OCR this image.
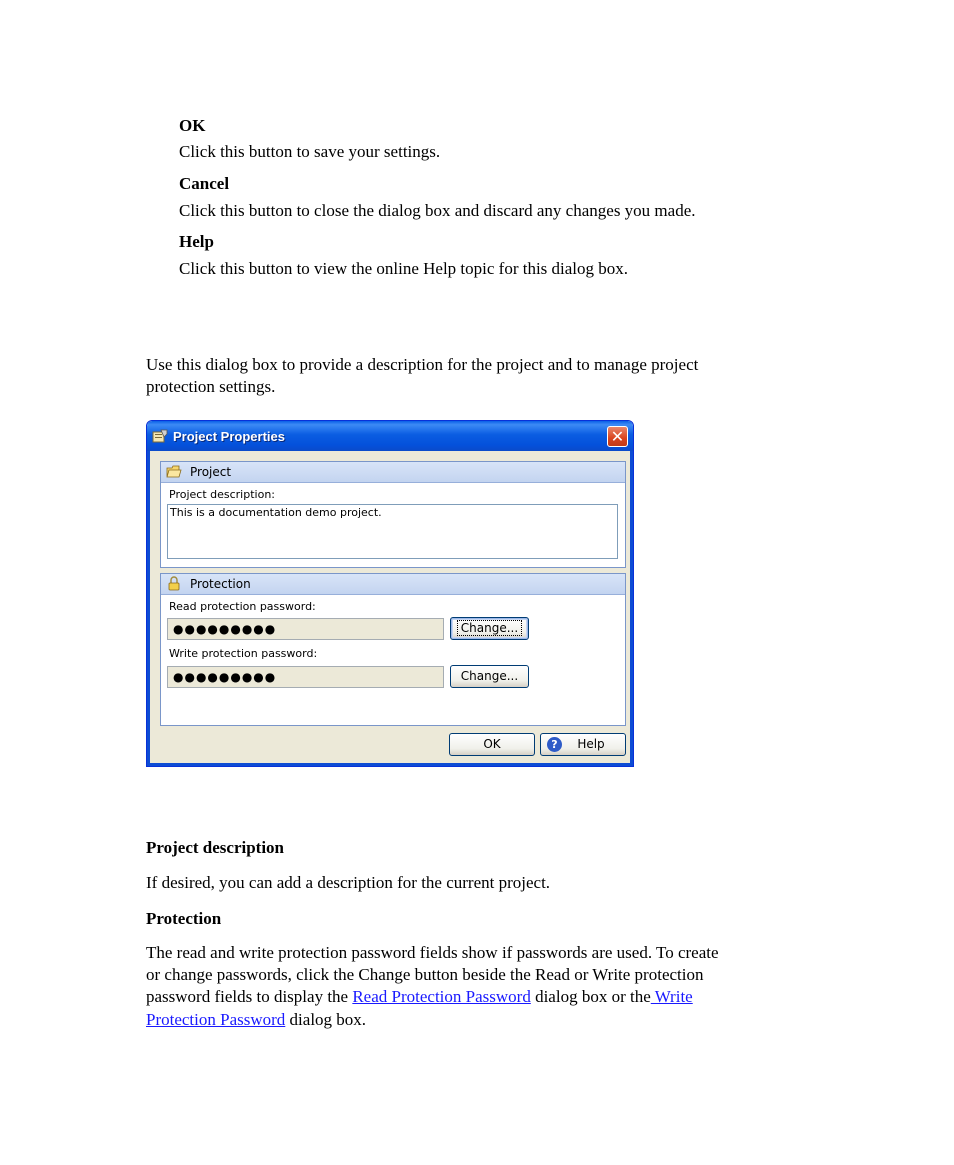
OK
Click this button to save your settings.
Cancel
Click this button to close the dialog box and discard any changes you made.
Help
Click this button to view the online Help topic for this dialog box.
Use this dialog box to provide a description for the project and to manage project
protection settings.
Project Properties	✕
Project
Project description:
This is a documentation demo project.
Protection
Read protection password:
●●●●●●●●●	Change...
Write protection password:
●●●●●●●●●	Change...
OK	?	Help
Project description
If desired, you can add a description for the current project.
Protection
The read and write protection password fields show if passwords are used. To create
or change passwords, click the Change button beside the Read or Write protection
password fields to display the Read Protection Password dialog box or the Write
Protection Password dialog box.
